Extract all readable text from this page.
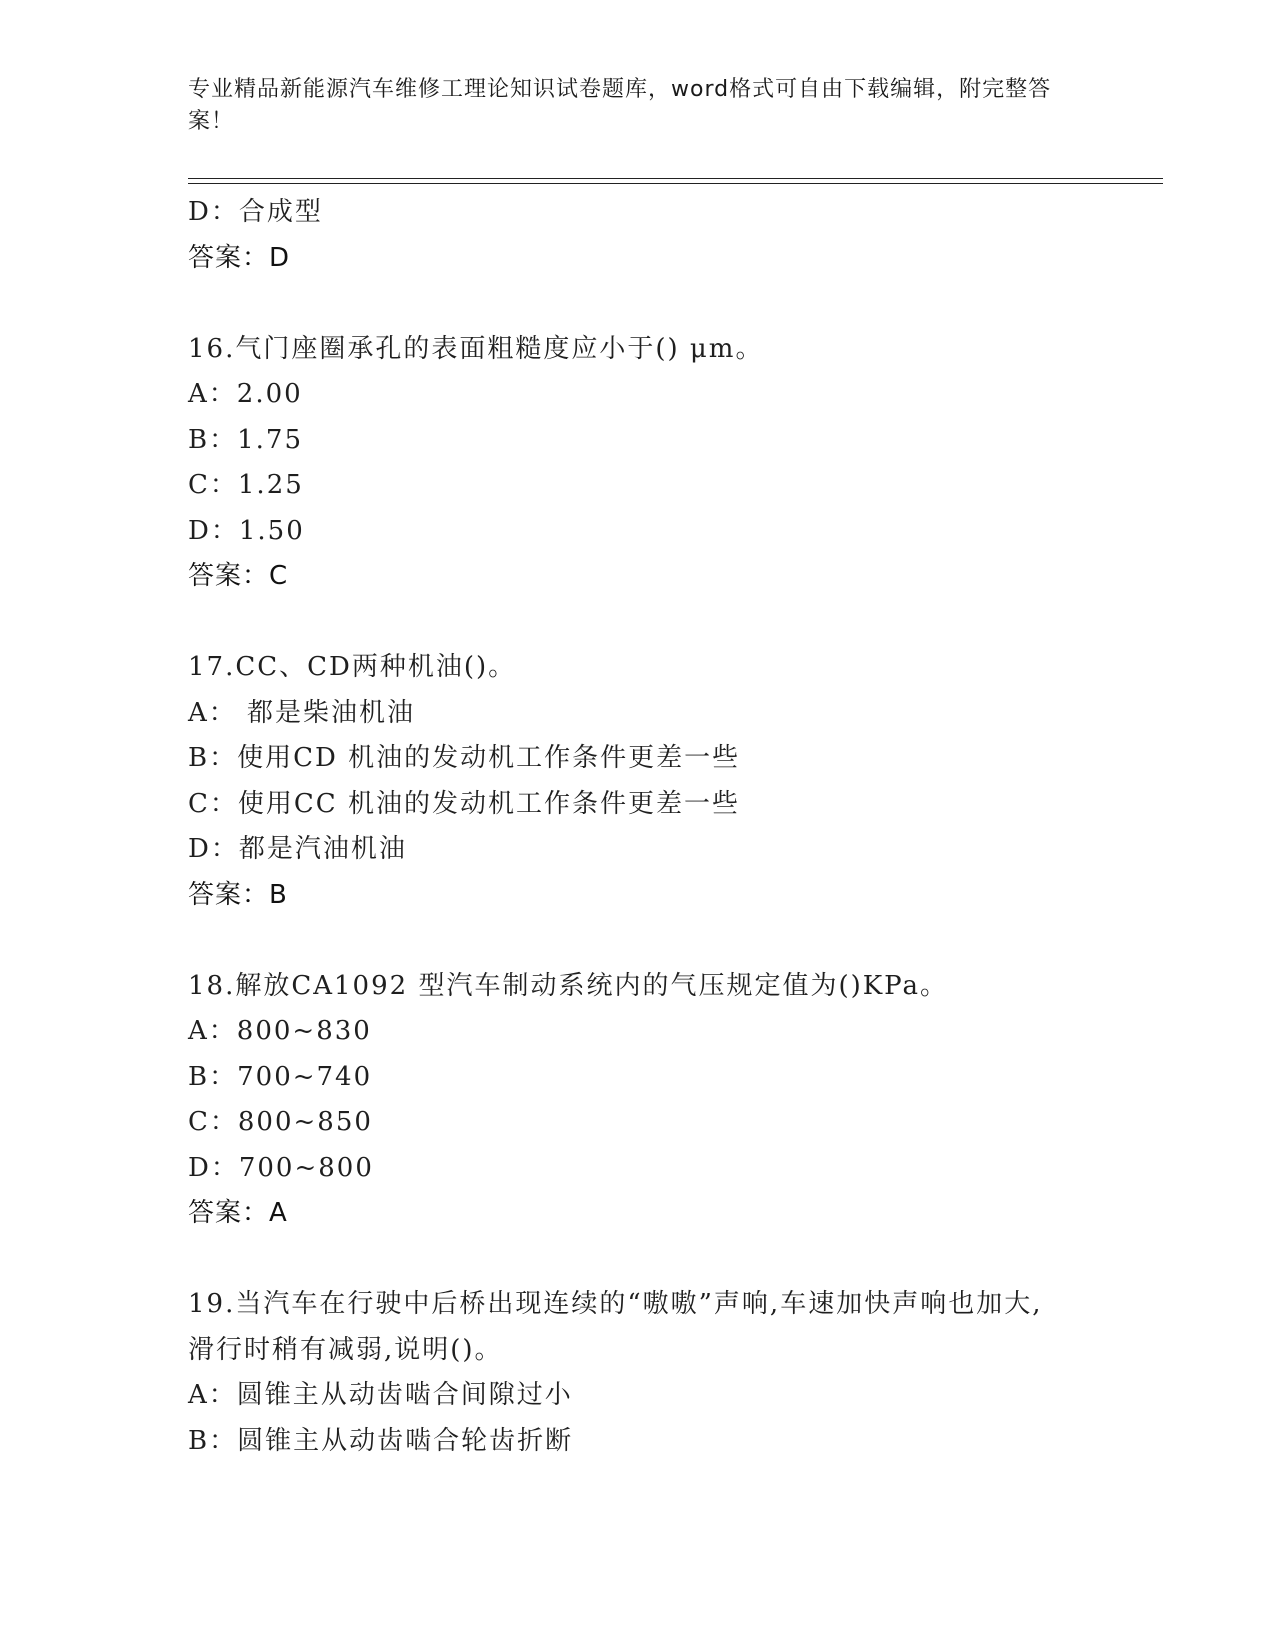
专业精品新能源汽车维修工理论知识试卷题库，word格式可自由下载编辑，附完整答案！
D：合成型
答案：D
16.气门座圈承孔的表面粗糙度应小于() μm。
A：2.00
B：1.75
C：1.25
D：1.50
答案：C
17.CC、CD两种机油()。
A： 都是柴油机油
B：使用CD 机油的发动机工作条件更差一些
C：使用CC 机油的发动机工作条件更差一些
D：都是汽油机油
答案：B
18.解放CA1092 型汽车制动系统内的气压规定值为()KPa。
A：800~830
B：700~740
C：800~850
D：700~800
答案：A
19.当汽车在行驶中后桥出现连续的“嗷嗷”声响,车速加快声响也加大,滑行时稍有减弱,说明()。
A：圆锥主从动齿啮合间隙过小
B：圆锥主从动齿啮合轮齿折断
